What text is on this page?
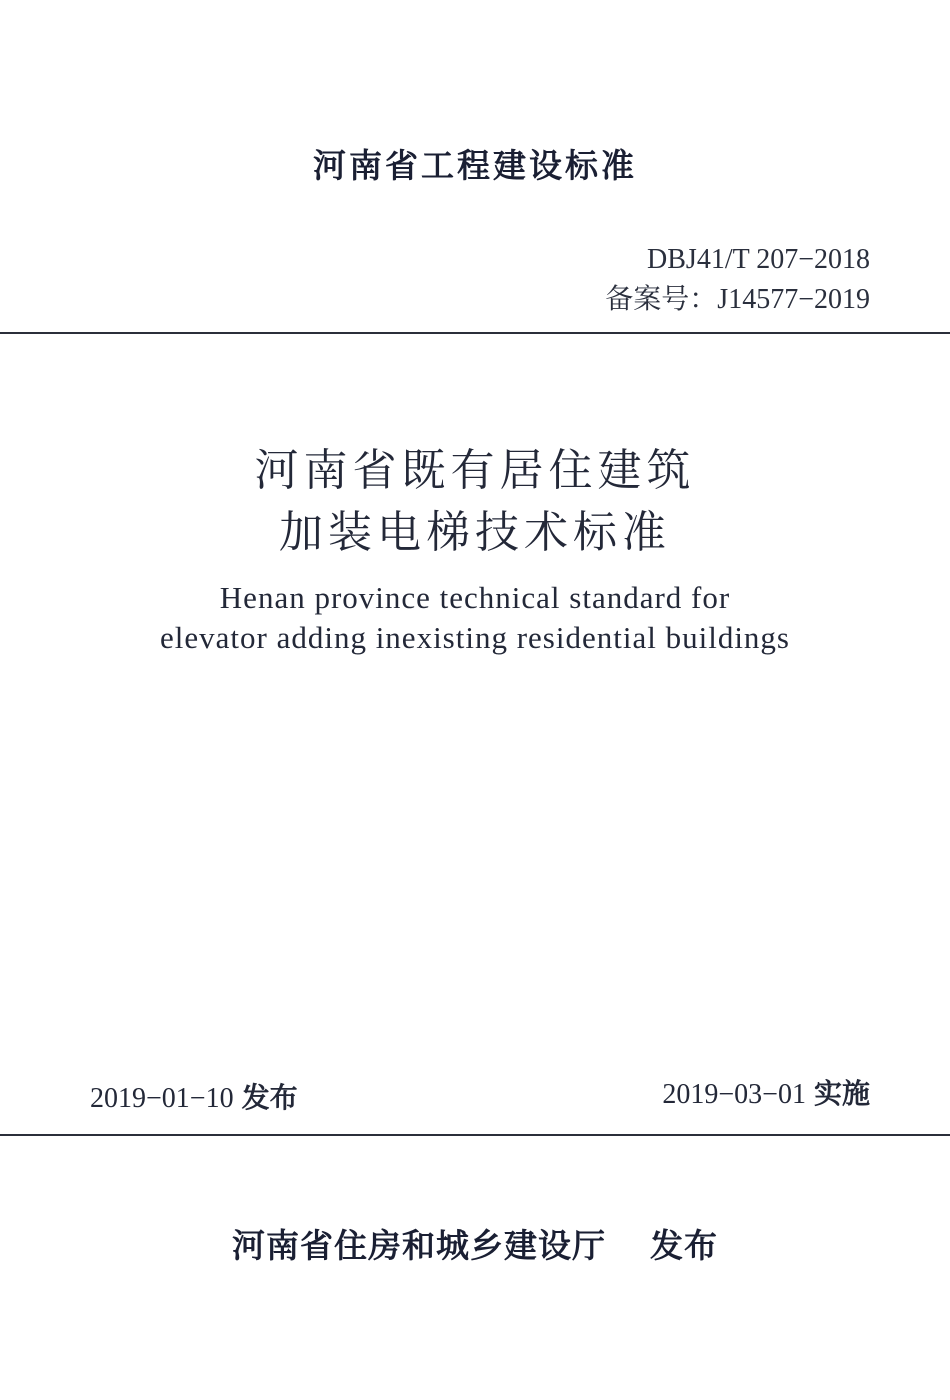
河南省工程建设标准
DBJ41/T 207−2018
备案号：J14577−2019
河南省既有居住建筑
加装电梯技术标准
Henan province technical standard for
elevator adding inexisting residential buildings
2019−01−10 发布	2019−03−01 实施
河南省住房和城乡建设厅 发布
